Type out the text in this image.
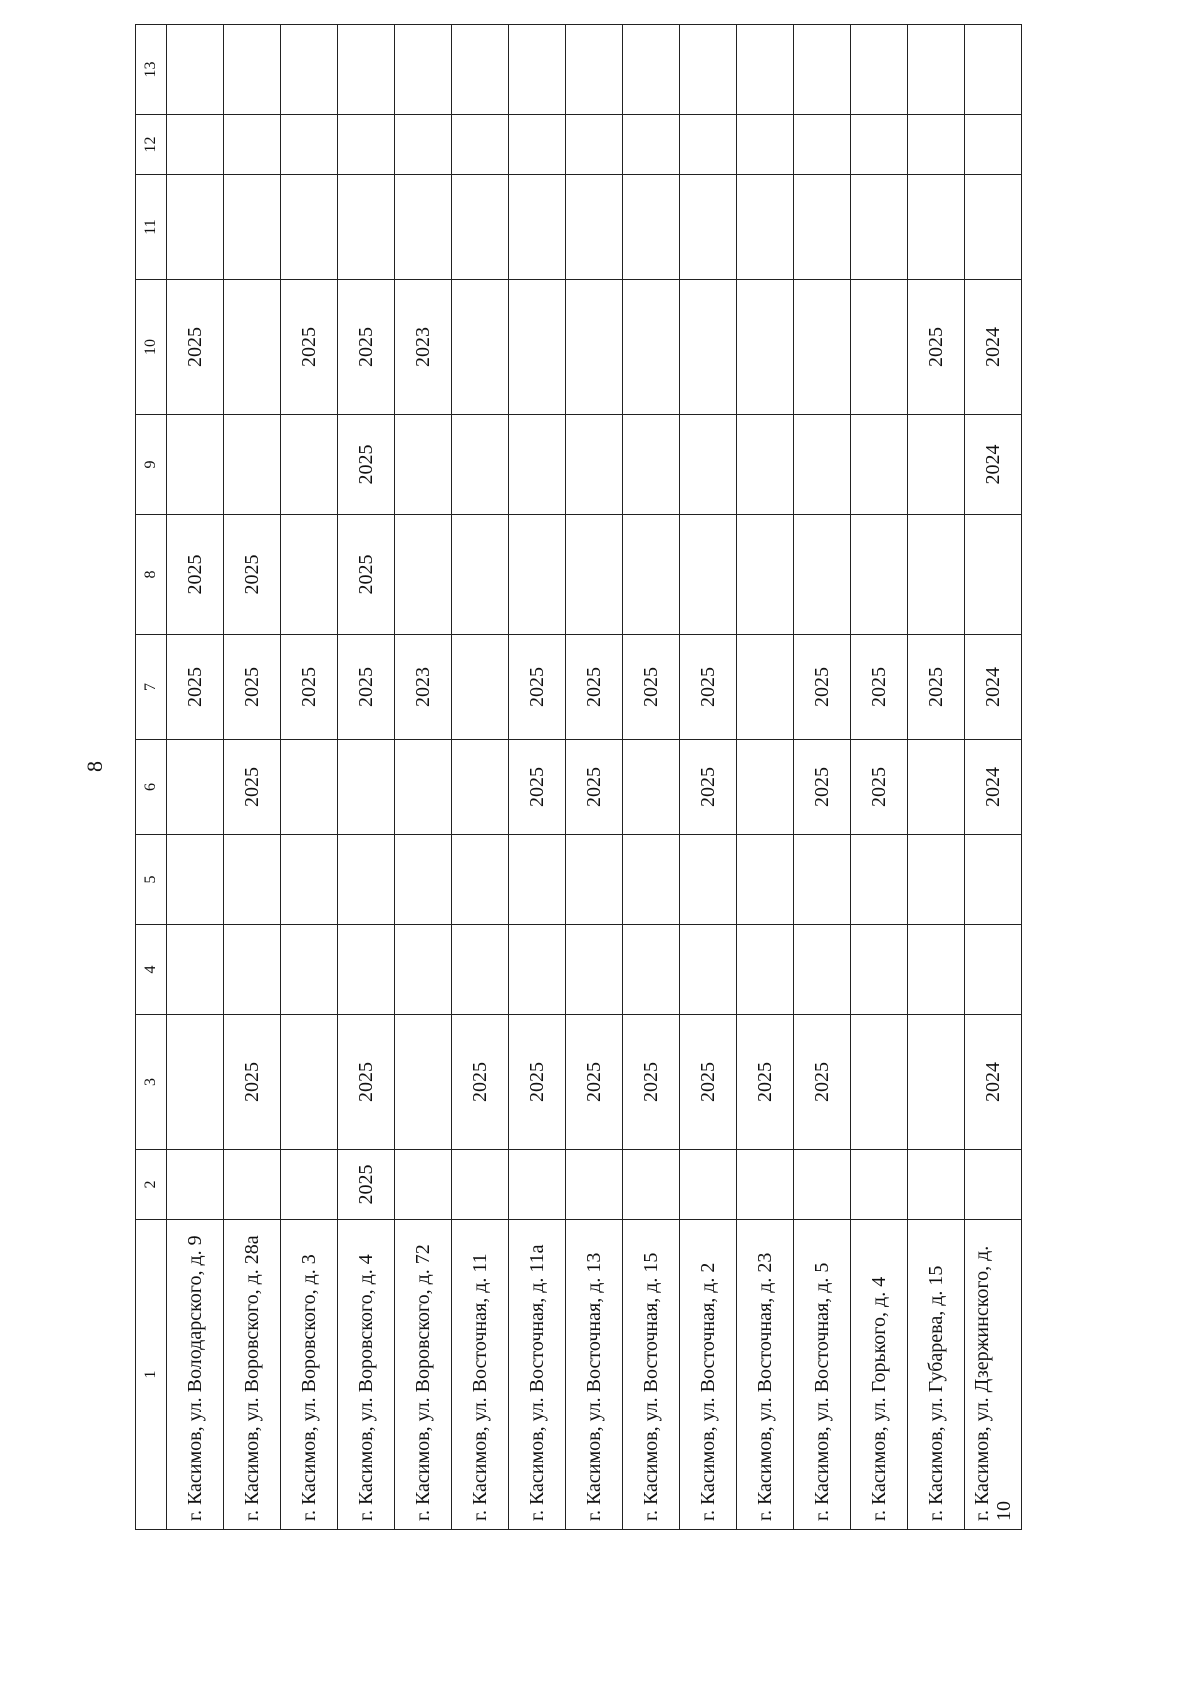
8
1	2	3	4	5	6	7	8	9	10	11	12	13
г. Касимов, ул. Володарского, д. 9						2025	2025		2025			
г. Касимов, ул. Воровского, д. 28а		2025			2025	2025	2025					
г. Касимов, ул. Воровского, д. 3						2025			2025			
г. Касимов, ул. Воровского, д. 4	2025	2025				2025	2025	2025	2025			
г. Касимов, ул. Воровского, д. 72						2023			2023			
г. Касимов, ул. Восточная, д. 11		2025										
г. Касимов, ул. Восточная, д. 11а		2025			2025	2025						
г. Касимов, ул. Восточная, д. 13		2025			2025	2025						
г. Касимов, ул. Восточная, д. 15		2025				2025						
г. Касимов, ул. Восточная, д. 2		2025			2025	2025						
г. Касимов, ул. Восточная, д. 23		2025										
г. Касимов, ул. Восточная, д. 5		2025			2025	2025						
г. Касимов, ул. Горького, д. 4					2025	2025						
г. Касимов, ул. Губарева, д. 15						2025			2025			
г. Касимов, ул. Дзержинского, д. 10		2024			2024	2024		2024	2024			
